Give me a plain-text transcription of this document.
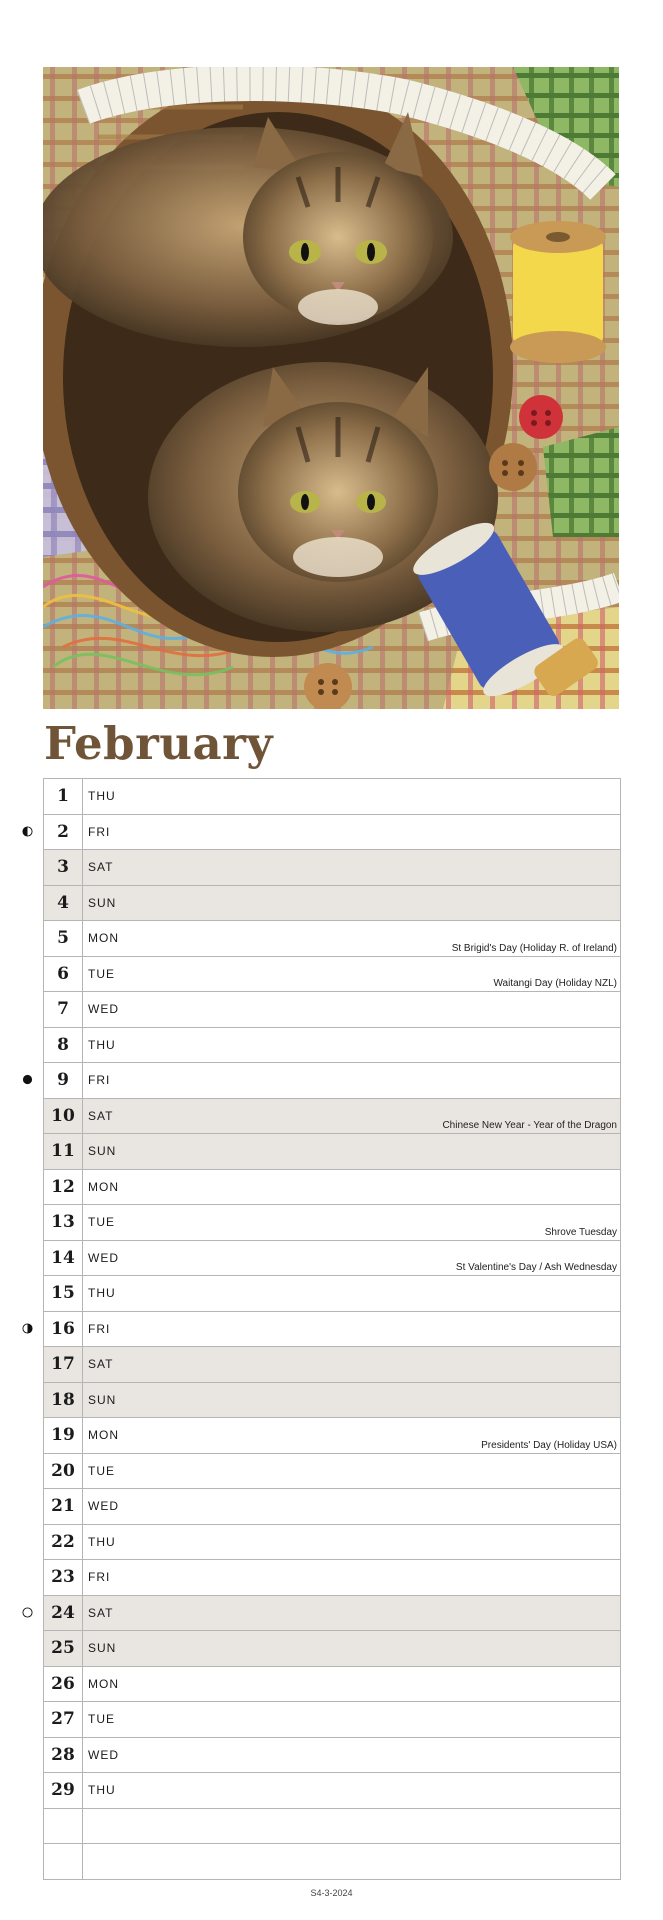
February
1	THU
2	FRI
3	SAT
4	SUN
5	MON
St Brigid's Day (Holiday R. of Ireland)
6	TUE
Waitangi Day (Holiday NZL)
7	WED
8	THU
9	FRI
10	SAT
Chinese New Year - Year of the Dragon
11	SUN
12	MON
13	TUE
Shrove Tuesday
14	WED
St Valentine's Day / Ash Wednesday
15	THU
16	FRI
17	SAT
18	SUN
19	MON
Presidents' Day (Holiday USA)
20	TUE
21	WED
22	THU
23	FRI
24	SAT
25	SUN
26	MON
27	TUE
28	WED
29	THU
S4-3-2024
